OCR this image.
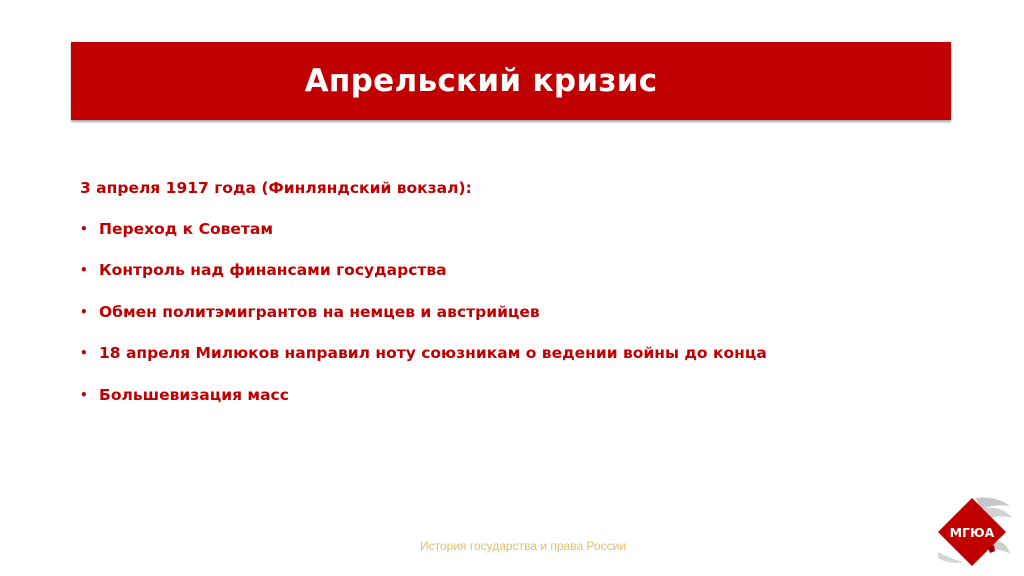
Апрельский кризис
3 апреля 1917 года (Финляндский вокзал):
• Переход к Советам
• Контроль над финансами государства
• Обмен политэмигрантов на немцев и австрийцев
• 18 апреля Милюков направил ноту союзникам о ведении войны до конца
• Большевизация масс
История государства и права России
МГЮА
